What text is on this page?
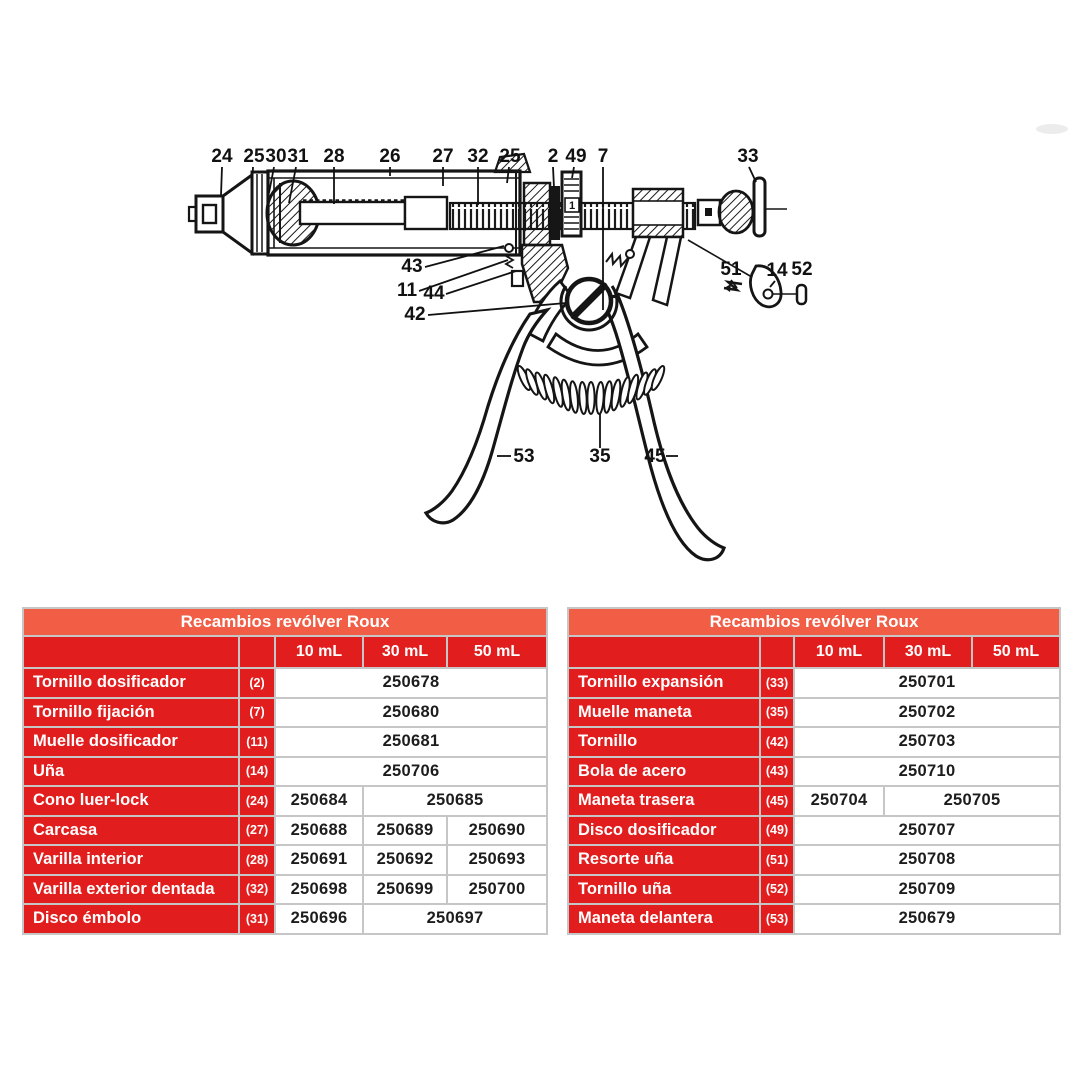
1
24 25 30 31 28 26 27 32 25 2 49 7	33
43
11 44
42
51 14 52
53	35 45
Recambios revólver Roux
10 mL	30 mL	50 mL
Tornillo dosificador	(2)	250678
Tornillo fijación	(7)	250680
Muelle dosificador	(11)	250681
Uña	(14)	250706
Cono luer-lock	(24)	250684	250685
Carcasa	(27)	250688	250689	250690
Varilla interior	(28)	250691	250692	250693
Varilla exterior dentada	(32)	250698	250699	250700
Disco émbolo	(31)	250696	250697
Recambios revólver Roux
10 mL	30 mL	50 mL
Tornillo expansión	(33)	250701
Muelle maneta	(35)	250702
Tornillo	(42)	250703
Bola de acero	(43)	250710
Maneta trasera	(45)	250704	250705
Disco dosificador	(49)	250707
Resorte uña	(51)	250708
Tornillo uña	(52)	250709
Maneta delantera	(53)	250679
